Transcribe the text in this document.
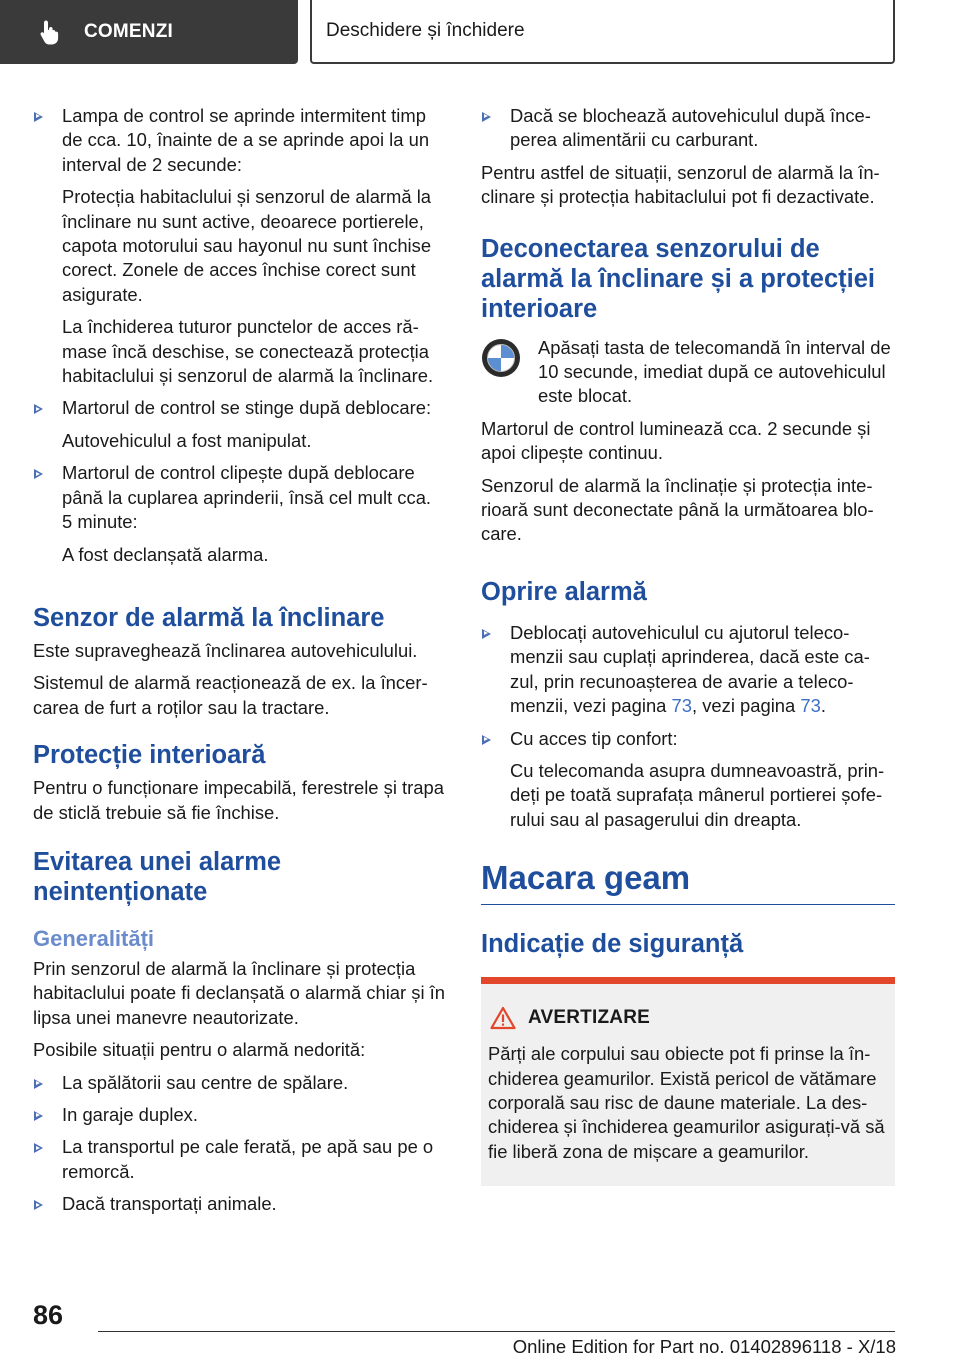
COMENZI	Deschidere și închidere

Lampa de control se aprinde intermitent timp de cca. 10, înainte de a se aprinde apoi la un interval de 2 secunde:

Protecția habitaclului și senzorul de alarmă la înclinare nu sunt active, deoarece portierele, capota motorului sau hayonul nu sunt închise corect. Zonele de acces închise corect sunt asigurate.

La închiderea tuturor punctelor de acces ră- mase încă deschise, se conectează protecția habitaclului și senzorul de alarmă la înclinare.

Martorul de control se stinge după deblocare:

Autovehiculul a fost manipulat.

Martorul de control clipește după deblocare până la cuplarea aprinderii, însă cel mult cca. 5 minute:

A fost declanșată alarma.

Senzor de alarmă la înclinare

Este supraveghează înclinarea autovehiculului.

Sistemul de alarmă reacționează de ex. la încer- carea de furt a roților sau la tractare.

Protecție interioară

Pentru o funcționare impecabilă, ferestrele și trapa de sticlă trebuie să fie închise.

Evitarea unei alarme neintenționate
Generalități

Prin senzorul de alarmă la înclinare și protecția habitaclului poate fi declanșată o alarmă chiar și în lipsa unei manevre neautorizate.

Posibile situații pentru o alarmă nedorită:

La spălătorii sau centre de spălare.

In garaje duplex.

La transportul pe cale ferată, pe apă sau pe o remorcă.

Dacă transportați animale.

Dacă se blochează autovehiculul după înce- perea alimentării cu carburant.

Pentru astfel de situații, senzorul de alarmă la în- clinare și protecția habitaclului pot fi dezactivate.

Deconectarea senzorului de alarmă la înclinare și a protecției interioare

Apăsați tasta de telecomandă în interval de 10 secunde, imediat după ce autovehiculul este blocat.

Martorul de control luminează cca. 2 secunde și apoi clipește continuu.

Senzorul de alarmă la înclinație și protecția inte- rioară sunt deconectate până la următoarea blo- care.

Oprire alarmă

Deblocați autovehiculul cu ajutorul teleco- menzii sau cuplați aprinderea, dacă este ca- zul, prin recunoașterea de avarie a teleco- menzii, vezi pagina 73, vezi pagina 73.

Cu acces tip confort:

Cu telecomanda asupra dumneavoastră, prin- deți pe toată suprafața mânerul portierei șofe- rului sau al pasagerului din dreapta.

Macara geam
Indicație de siguranță
AVERTIZARE

Părți ale corpului sau obiecte pot fi prinse la în- chiderea geamurilor. Există pericol de vătămare corporală sau risc de daune materiale. La des- chiderea și închiderea geamurilor asigurați-vă să fie liberă zona de mișcare a geamurilor.

86
Online Edition for Part no. 01402896118 - X/18
